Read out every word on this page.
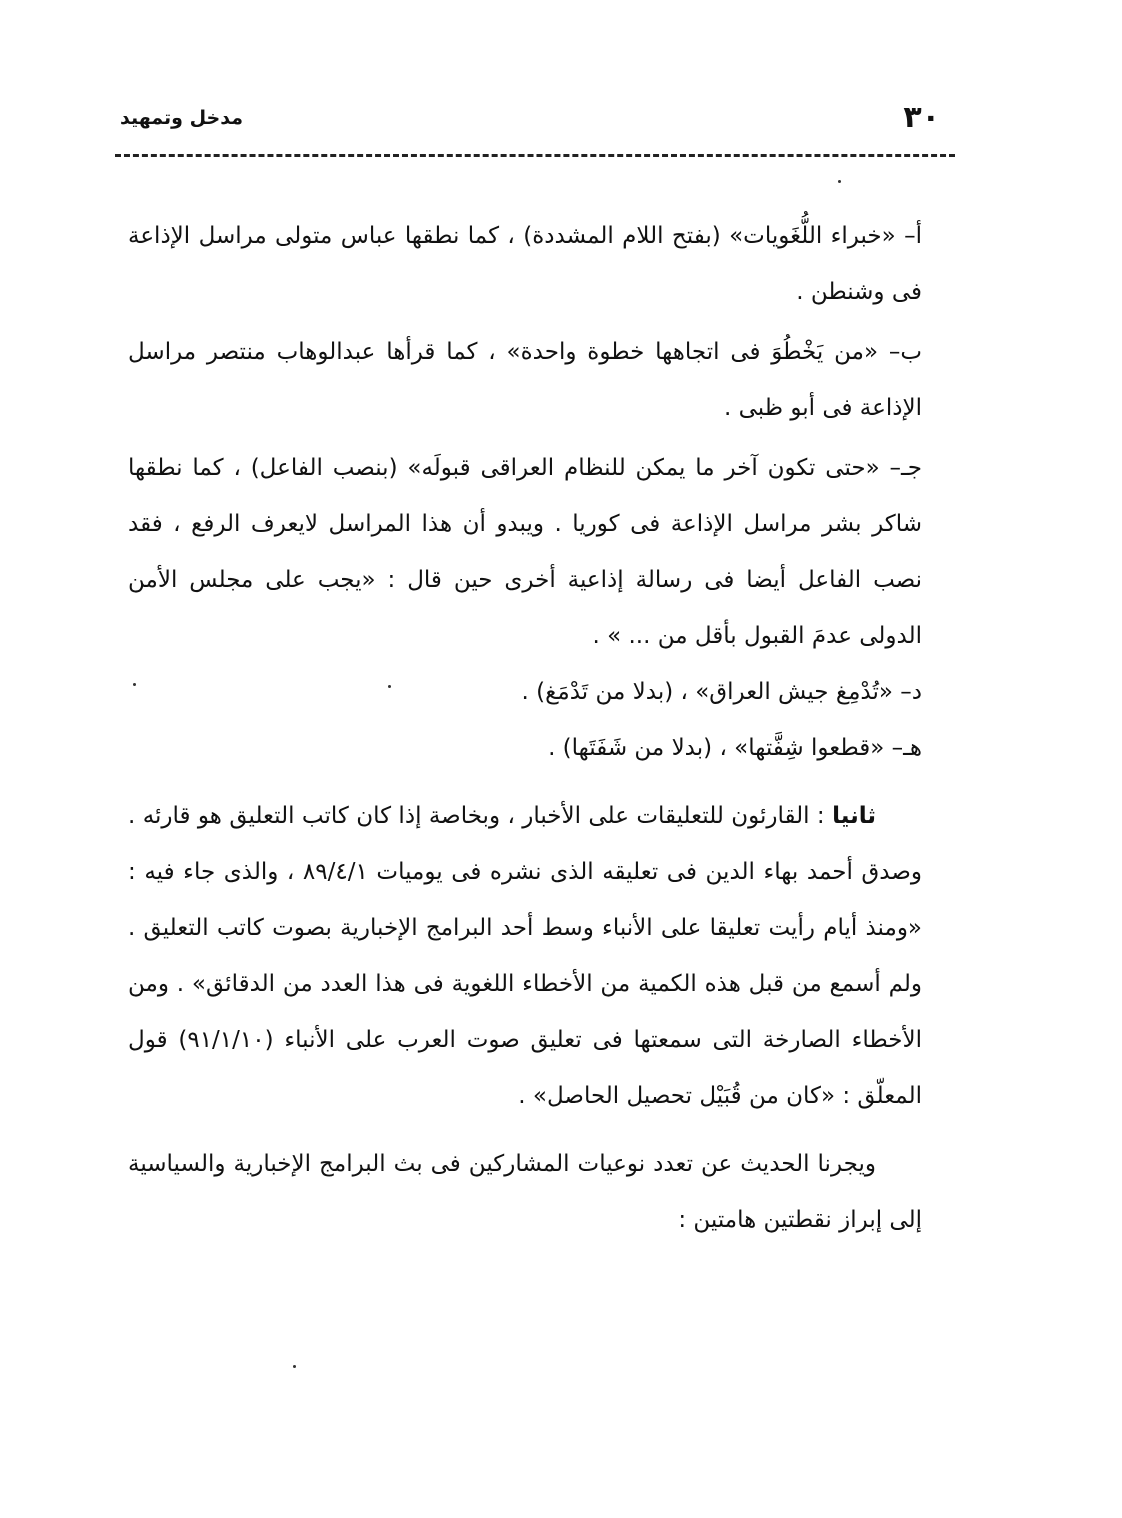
٣٠
مدخل وتمهيد

أ– «خبراء اللُّغَويات» (بفتح اللام المشددة) ، كما نطقها عباس متولى مراسل الإذاعة فى وشنطن .

ب– «من يَخْطُوَ فى اتجاهها خطوة واحدة» ، كما قرأها عبدالوهاب منتصر مراسل الإذاعة فى أبو ظبى .

جـ– «حتى تكون آخر ما يمكن للنظام العراقى قبولَه» (بنصب الفاعل) ، كما نطقها شاكر بشر مراسل الإذاعة فى كوريا . ويبدو أن هذا المراسل لايعرف الرفع ، فقد نصب الفاعل أيضا فى رسالة إذاعية أخرى حين قال : «يجب على مجلس الأمن الدولى عدمَ القبول بأقل من ... » .

د– «تُدْمِغ جيش العراق» ، (بدلا من تَدْمَغ) .

هـ– «قطعوا شِفَّتها» ، (بدلا من شَفَتَها) .

ثانيا : القارئون للتعليقات على الأخبار ، وبخاصة إذا كان كاتب التعليق هو قارئه . وصدق أحمد بهاء الدين فى تعليقه الذى نشره فى يوميات ٨٩/٤/١ ، والذى جاء فيه : «ومنذ أيام رأيت تعليقا على الأنباء وسط أحد البرامج الإخبارية بصوت كاتب التعليق . ولم أسمع من قبل هذه الكمية من الأخطاء اللغوية فى هذا العدد من الدقائق» . ومن الأخطاء الصارخة التى سمعتها فى تعليق صوت العرب على الأنباء (٩١/١/١٠) قول المعلّق : «كان من قُبَيْل تحصيل الحاصل» .

ويجرنا الحديث عن تعدد نوعيات المشاركين فى بث البرامج الإخبارية والسياسية إلى إبراز نقطتين هامتين :
